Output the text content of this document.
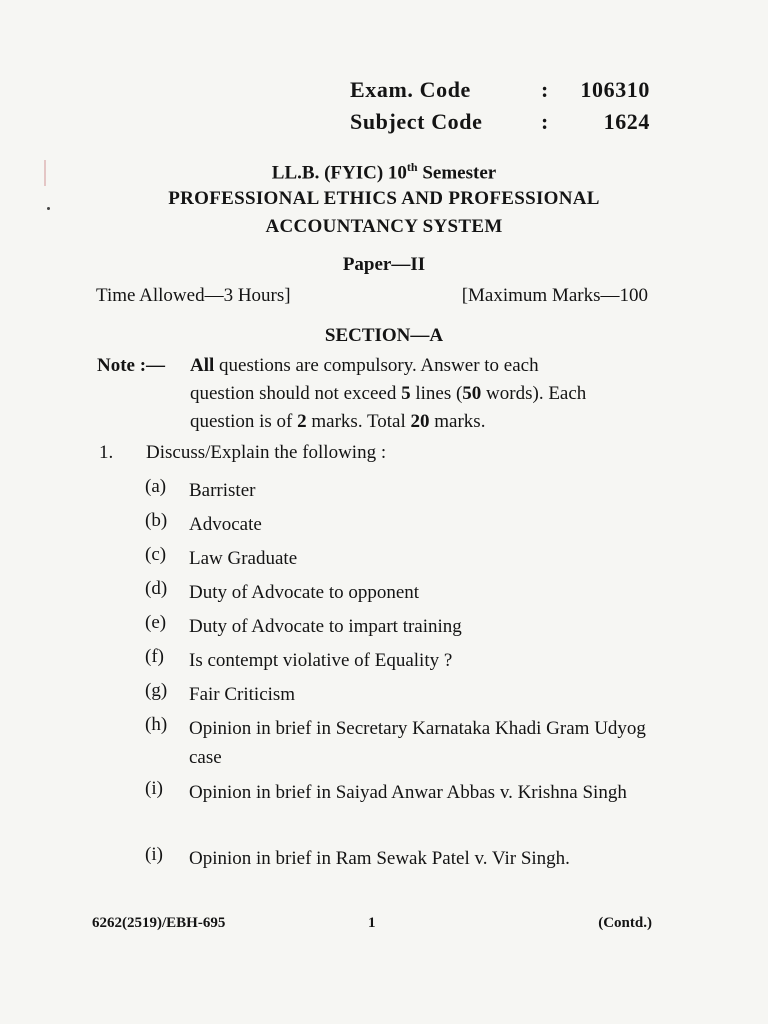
Exam. Code	:	106310
Subject Code	:	1624
LL.B. (FYIC) 10th Semester
PROFESSIONAL ETHICS AND PROFESSIONAL
ACCOUNTANCY SYSTEM
Paper—II
Time Allowed—3 Hours]	[Maximum Marks—100
SECTION—A
Note :— All questions are compulsory. Answer to each
question should not exceed 5 lines (50 words). Each
question is of 2 marks. Total 20 marks.
1. Discuss/Explain the following :
(a) Barrister
(b) Advocate
(c) Law Graduate
(d) Duty of Advocate to opponent
(e) Duty of Advocate to impart training
(f) Is contempt violative of Equality ?
(g) Fair Criticism
(h) Opinion in brief in Secretary Karnataka Khadi Gram Udyog case
(i) Opinion in brief in Saiyad Anwar Abbas v. Krishna Singh
(i) Opinion in brief in Ram Sewak Patel v. Vir Singh.
6262(2519)/EBH-695	1	(Contd.)
